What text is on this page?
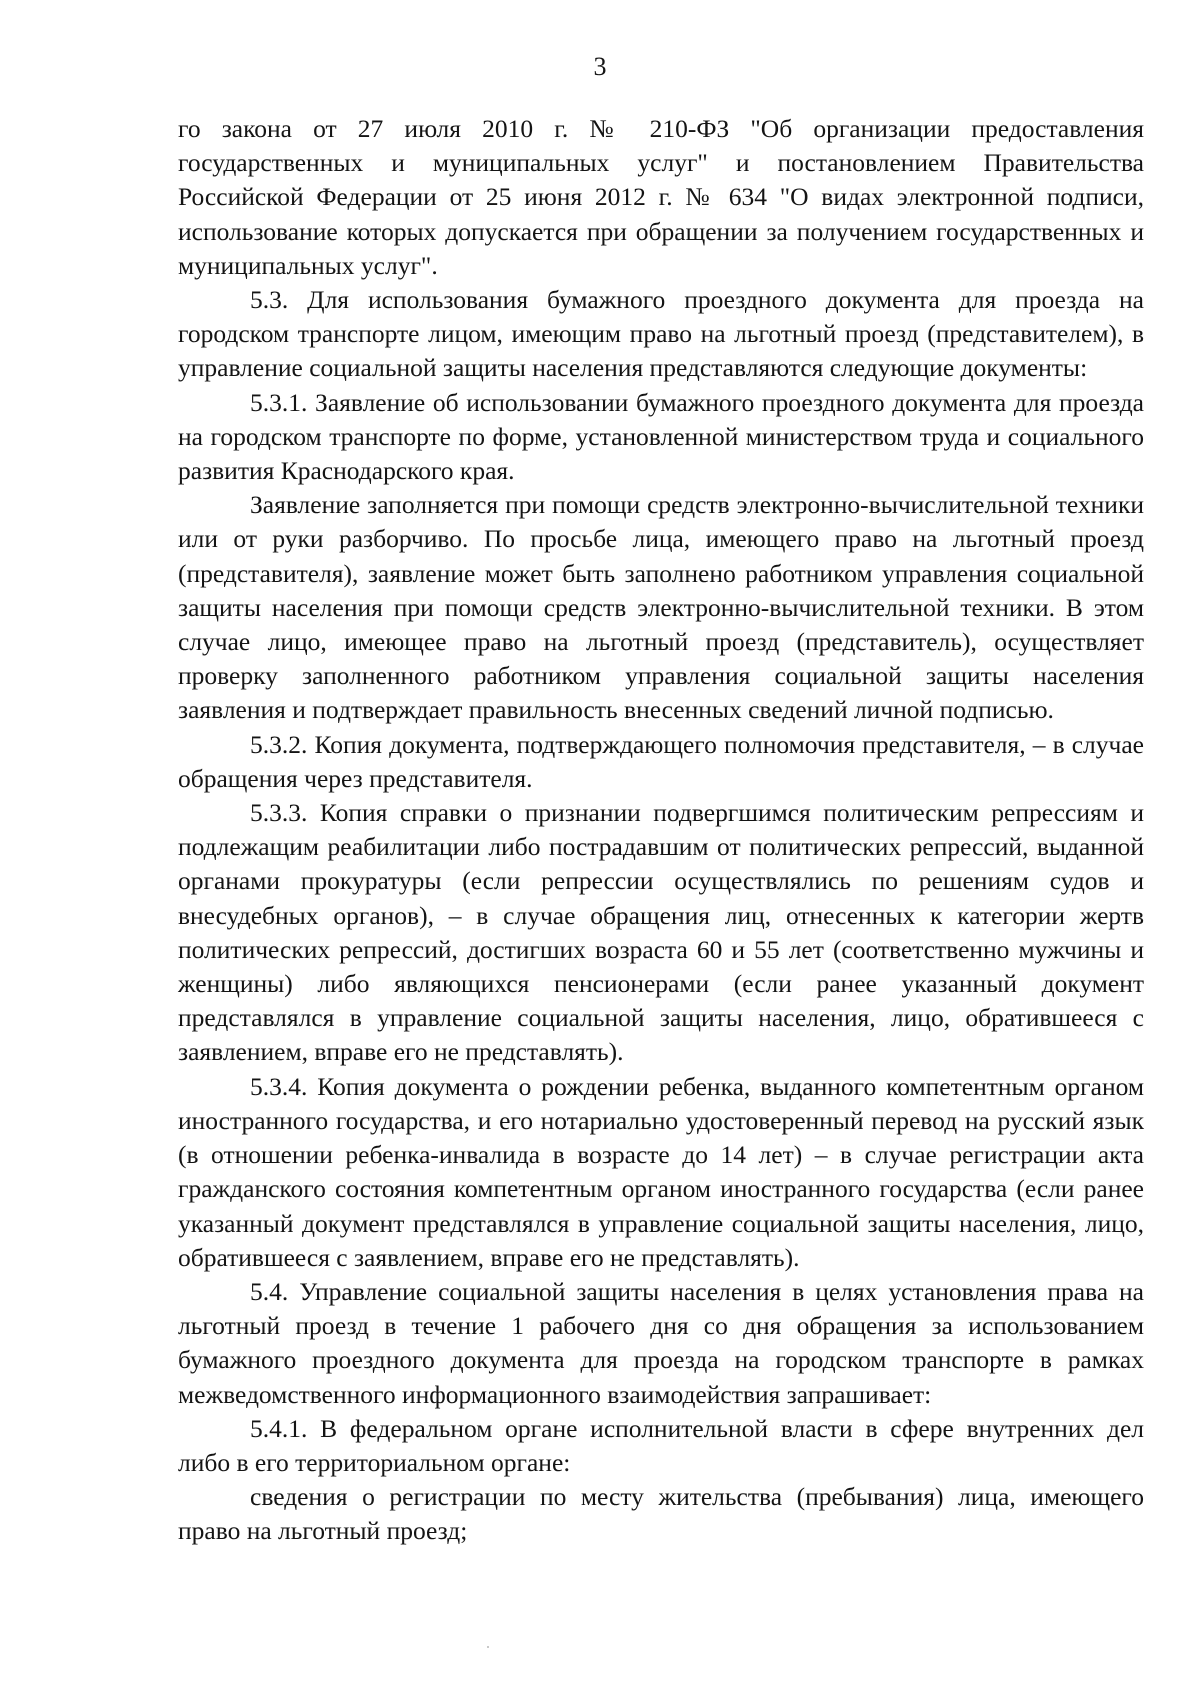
3

го закона от 27 июля 2010 г. № 210-ФЗ "Об организации предоставления государственных и муниципальных услуг" и постановлением Правительства Российской Федерации от 25 июня 2012 г. № 634 "О видах электронной подписи, использование которых допускается при обращении за получением государственных и муниципальных услуг".

5.3. Для использования бумажного проездного документа для проезда на городском транспорте лицом, имеющим право на льготный проезд (представителем), в управление социальной защиты населения представляются следующие документы:

5.3.1. Заявление об использовании бумажного проездного документа для проезда на городском транспорте по форме, установленной министерством труда и социального развития Краснодарского края.

Заявление заполняется при помощи средств электронно-вычислительной техники или от руки разборчиво. По просьбе лица, имеющего право на льготный проезд (представителя), заявление может быть заполнено работником управления социальной защиты населения при помощи средств электронно-вычислительной техники. В этом случае лицо, имеющее право на льготный проезд (представитель), осуществляет проверку заполненного работником управления социальной защиты населения заявления и подтверждает правильность внесенных сведений личной подписью.

5.3.2. Копия документа, подтверждающего полномочия представителя, – в случае обращения через представителя.

5.3.3. Копия справки о признании подвергшимся политическим репрессиям и подлежащим реабилитации либо пострадавшим от политических репрессий, выданной органами прокуратуры (если репрессии осуществлялись по решениям судов и внесудебных органов), – в случае обращения лиц, отнесенных к категории жертв политических репрессий, достигших возраста 60 и 55 лет (соответственно мужчины и женщины) либо являющихся пенсионерами (если ранее указанный документ представлялся в управление социальной защиты населения, лицо, обратившееся с заявлением, вправе его не представлять).

5.3.4. Копия документа о рождении ребенка, выданного компетентным органом иностранного государства, и его нотариально удостоверенный перевод на русский язык (в отношении ребенка-инвалида в возрасте до 14 лет) – в случае регистрации акта гражданского состояния компетентным органом иностранного государства (если ранее указанный документ представлялся в управление социальной защиты населения, лицо, обратившееся с заявлением, вправе его не представлять).

5.4. Управление социальной защиты населения в целях установления права на льготный проезд в течение 1 рабочего дня со дня обращения за использованием бумажного проездного документа для проезда на городском транспорте в рамках межведомственного информационного взаимодействия запрашивает:

5.4.1. В федеральном органе исполнительной власти в сфере внутренних дел либо в его территориальном органе:

сведения о регистрации по месту жительства (пребывания) лица, имеющего право на льготный проезд;
